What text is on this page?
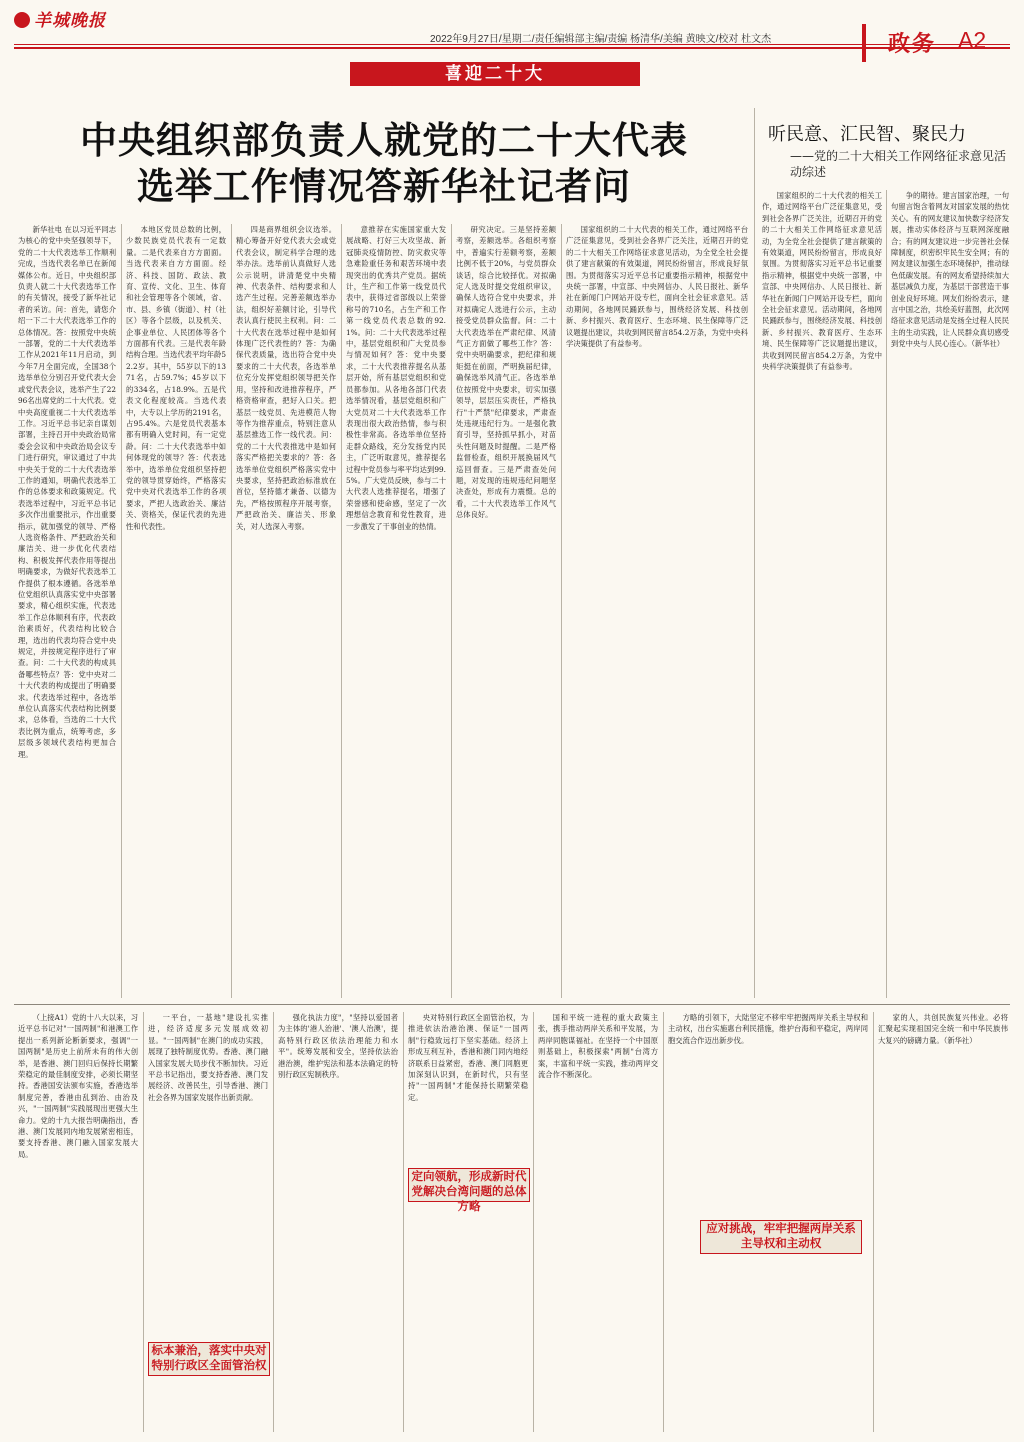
羊城晚报
2022年9月27日/星期二/责任编辑部主编/责编 杨清华/美编 黄映文/校对 杜文杰	政务 A2
喜迎二十大
中央组织部负责人就党的二十大代表
选举工作情况答新华社记者问
听民意、汇民智、聚民力
——党的二十大相关工作网络征求意见活动综述

新华社电 在以习近平同志为核心的党中央坚强领导下，党的二十大代表选举工作顺利完成，当选代表名单已在新闻媒体公布。近日，中央组织部负责人就二十大代表选举工作的有关情况，接受了新华社记者的采访。问：首先，请您介绍一下二十大代表选举工作的总体情况。答：按照党中央统一部署，党的二十大代表选举工作从2021年11月启动，到今年7月全面完成，全国38个选举单位分别召开党代表大会或党代表会议，选举产生了2296名出席党的二十大代表。党中央高度重视二十大代表选举工作。习近平总书记亲自谋划部署，主持召开中央政治局常委会会议和中央政治局会议专门进行研究，审议通过了中共中央关于党的二十大代表选举工作的通知，明确代表选举工作的总体要求和政策规定。代表选举过程中，习近平总书记多次作出重要批示，作出重要指示，就加强党的领导、严格人选资格条件、严把政治关和廉洁关、进一步优化代表结构、积极发挥代表作用等提出明确要求，为做好代表选举工作提供了根本遵循。各选举单位党组织认真落实党中央部署要求，精心组织实施，代表选举工作总体顺利有序，代表政治素质好，代表结构比较合理，选出的代表均符合党中央规定，并按规定程序进行了审查。问：二十大代表的构成具备哪些特点？答：党中央对二十大代表的构成提出了明确要求。代表选举过程中，各选举单位认真落实代表结构比例要求，总体看，当选的二十大代表比例为重点，统筹考虑，多层级多领域代表结构更加合理。

本地区党员总数的比例，少数民族党员代表有一定数量。二是代表来自方方面面。当选代表来自方方面面。经济、科技、国防、政法、教育、宣传、文化、卫生、体育和社会管理等各个领域，省、市、县、乡镇（街道）、村（社区）等各个层级，以及机关、企事业单位、人民团体等各个方面都有代表。三是代表年龄结构合理。当选代表平均年龄52.2岁。其中，55岁以下的1371名，占59.7%；45岁以下的334名，占18.9%。五是代表文化程度较高。当选代表中，大专以上学历的2191名，占95.4%。六是党员代表基本都有明确入党时间，有一定党龄。问：二十大代表选举中如何体现党的领导？答：代表选举中，选举单位党组织坚持把党的领导贯穿始终，严格落实党中央对代表选举工作的各项要求，严把人选政治关、廉洁关、资格关，保证代表的先进性和代表性。

四是商界组织会议选举。精心筹备开好党代表大会或党代表会议，制定科学合理的选举办法。选举前认真做好人选公示说明，讲清楚党中央精神、代表条件、结构要求和人选产生过程。完善差额选举办法，组织好差额讨论，引导代表认真行使民主权利。问：二十大代表在选举过程中是如何体现广泛代表性的？答：为确保代表质量，选出符合党中央要求的二十大代表，各选举单位充分发挥党组织领导把关作用，坚持和改进推荐程序，严格资格审查，把好入口关。把基层一线党员、先进模范人物等作为推荐重点，特别注意从基层推选工作一线代表。问：党的二十大代表推选中是如何落实严格把关要求的？答：各选举单位党组织严格落实党中央要求，坚持把政治标准放在首位，坚持德才兼备、以德为先，严格按照程序开展考察，严把政治关、廉洁关、形象关，对人选深入考察。

意推荐在实施国家重大发展战略、打好三大攻坚战、新冠肺炎疫情防控、防灾救灾等急难险重任务和艰苦环境中表现突出的优秀共产党员。据统计，生产和工作第一线党员代表中，获得过省部级以上荣誉称号的710名，占生产和工作第一线党员代表总数的92.1%。问：二十大代表选举过程中，基层党组织和广大党员参与情况如何？答：党中央要求，二十大代表推荐提名从基层开始，所有基层党组织和党员都参加。从各地各部门代表选举情况看，基层党组织和广大党员对二十大代表选举工作表现出很大政治热情，参与积极性非常高。各选举单位坚持走群众路线，充分发扬党内民主，广泛听取意见，推荐提名过程中党员参与率平均达到99.5%。广大党员反映，参与二十大代表人选推荐提名，增强了荣誉感和使命感，坚定了一次理想信念教育和党性教育，进一步激发了干事创业的热情。

研究决定。三是坚持差额考察，差额选举。各组织考察中，普遍实行差额考察，差额比例不低于20%，与党员群众谈话，综合比较择优。对拟确定人选及时提交党组织审议，确保人选符合党中央要求，并对拟确定人选进行公示，主动接受党员群众监督。问：二十大代表选举在严肃纪律、风清气正方面做了哪些工作？答：党中央明确要求，把纪律和规矩挺在前面，严明换届纪律，确保选举风清气正。各选举单位按照党中央要求，切实加强领导，层层压实责任，严格执行"十严禁"纪律要求，严肃查处违规违纪行为。一是强化教育引导，坚持抓早抓小，对苗头性问题及时提醒。二是严格监督检查，组织开展换届风气巡回督查。三是严肃查处问题，对发现的违规违纪问题坚决查处，形成有力震慑。总的看，二十大代表选举工作风气总体良好。

国家组织的二十大代表的相关工作，通过网络平台广泛征集意见，受到社会各界广泛关注，近期召开的党的二十大相关工作网络征求意见活动，为全党全社会提供了建言献策的有效渠道，网民纷纷留言，形成良好氛围。为贯彻落实习近平总书记重要指示精神，根据党中央统一部署，中宣部、中央网信办、人民日报社、新华社在新闻门户网站开设专栏，面向全社会征求意见。活动期间，各地网民踊跃参与，围绕经济发展、科技创新、乡村振兴、教育医疗、生态环境、民生保障等广泛议题提出建议，共收到网民留言854.2万条，为党中央科学决策提供了有益参考。

国家组织的二十大代表的相关工作，通过网络平台广泛征集意见，受到社会各界广泛关注，近期召开的党的二十大相关工作网络征求意见活动，为全党全社会提供了建言献策的有效渠道，网民纷纷留言，形成良好氛围。为贯彻落实习近平总书记重要指示精神，根据党中央统一部署，中宣部、中央网信办、人民日报社、新华社在新闻门户网站开设专栏，面向全社会征求意见。活动期间，各地网民踊跃参与，围绕经济发展、科技创新、乡村振兴、教育医疗、生态环境、民生保障等广泛议题提出建议，共收到网民留言854.2万条，为党中央科学决策提供了有益参考。

争的期待。建言国家治理，一句句留言饱含着网友对国家发展的热忱关心。有的网友建议加快数字经济发展，推动实体经济与互联网深度融合；有的网友建议进一步完善社会保障制度，织密织牢民生安全网；有的网友建议加强生态环境保护，推动绿色低碳发展。有的网友希望持续加大基层减负力度，为基层干部营造干事创业良好环境。网友们纷纷表示，建言中国之治，共绘美好蓝图，此次网络征求意见活动是发扬全过程人民民主的生动实践，让人民群众真切感受到党中央与人民心连心。（新华社）

（上接A1）党的十八大以来，习近平总书记对"一国两制"和港澳工作提出一系列新论断新要求，强调"一国两制"是历史上前所未有的伟大创举，是香港、澳门回归后保持长期繁荣稳定的最佳制度安排，必须长期坚持。香港国安法颁布实施，香港选举制度完善，香港由乱到治、由治及兴，"一国两制"实践展现出更强大生命力。党的十九大报告明确指出，香港、澳门发展同内地发展紧密相连，要支持香港、澳门融入国家发展大局。

一平台，一基地"建设扎实推进，经济适度多元发展成效初显。"一国两制"在澳门的成功实践，展现了独特制度优势。香港、澳门融入国家发展大局步伐不断加快。习近平总书记指出，要支持香港、澳门发展经济、改善民生，引导香港、澳门社会各界为国家发展作出新贡献。

标本兼治，落实中央对特别行政区全面管治权

强化执法力度"，"坚持以爱国者为主体的'港人治港'、'澳人治澳'，提高特别行政区依法治理能力和水平"。统筹发展和安全，坚持依法治港治澳，维护宪法和基本法确定的特别行政区宪制秩序。

央对特别行政区全面管治权，为推进依法治港治澳、保证"一国两制"行稳致远打下坚实基础。经济上形成互利互补，香港和澳门同内地经济联系日益紧密，香港、澳门同胞更加深刻认识到，在新时代，只有坚持"一国两制"才能保持长期繁荣稳定。

定向领航，形成新时代党解决台湾问题的总体方略

国和平统一进程的重大政策主张，携手推动两岸关系和平发展，为两岸同胞谋福祉。在坚持一个中国原则基础上，积极探索"两制"台湾方案，丰富和平统一实践，推动两岸交流合作不断深化。

方略的引领下，大陆坚定不移牢牢把握两岸关系主导权和主动权，出台实施惠台利民措施，维护台海和平稳定，两岸同胞交流合作迈出新步伐。

应对挑战，牢牢把握两岸关系主导权和主动权

家的人，共创民族复兴伟业。必将汇聚起实现祖国完全统一和中华民族伟大复兴的磅礴力量。（新华社）
